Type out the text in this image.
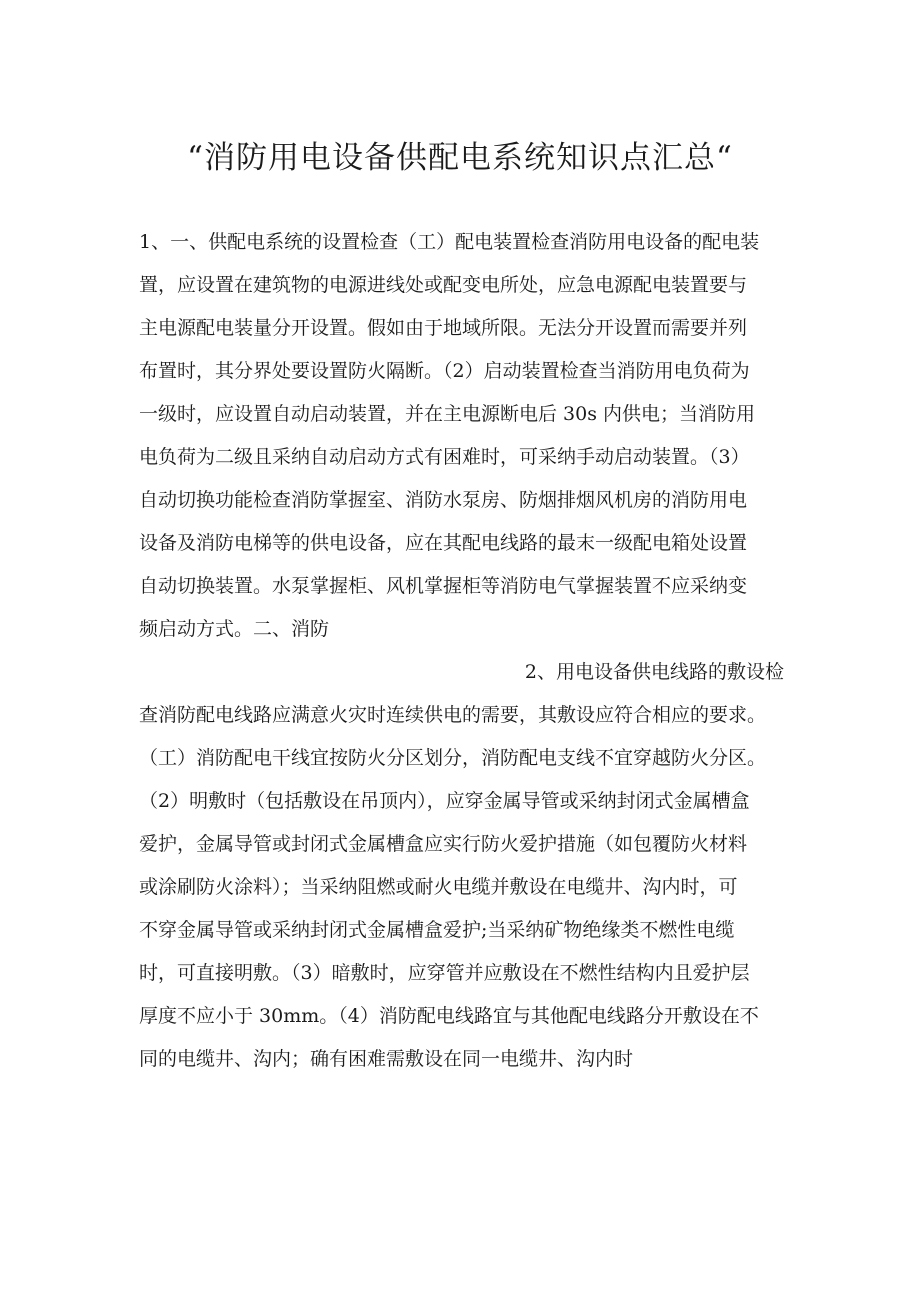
“消防用电设备供配电系统知识点汇总“
1、一、供配电系统的设置检查（工）配电装置检查消防用电设备的配电装
置，应设置在建筑物的电源进线处或配变电所处，应急电源配电装置要与
主电源配电装量分开设置。假如由于地域所限。无法分开设置而需要并列
布置时，其分界处要设置防火隔断。（2）启动装置检查当消防用电负荷为
一级时，应设置自动启动装置，并在主电源断电后 30s 内供电；当消防用
电负荷为二级且采纳自动启动方式有困难时，可采纳手动启动装置。（3）
自动切换功能检查消防掌握室、消防水泵房、防烟排烟风机房的消防用电
设备及消防电梯等的供电设备，应在其配电线路的最末一级配电箱处设置
自动切换装置。水泵掌握柜、风机掌握柜等消防电气掌握装置不应采纳变
频启动方式。二、消防
2、用电设备供电线路的敷设检
查消防配电线路应满意火灾时连续供电的需要，其敷设应符合相应的要求。
（工）消防配电干线宜按防火分区划分，消防配电支线不宜穿越防火分区。
（2）明敷时（包括敷设在吊顶内），应穿金属导管或采纳封闭式金属槽盒
爱护，金属导管或封闭式金属槽盒应实行防火爱护措施（如包覆防火材料
或涂刷防火涂料）；当采纳阻燃或耐火电缆并敷设在电缆井、沟内时，可
不穿金属导管或采纳封闭式金属槽盒爱护;当采纳矿物绝缘类不燃性电缆
时，可直接明敷。（3）暗敷时，应穿管并应敷设在不燃性结构内且爱护层
厚度不应小于 30mm。（4）消防配电线路宜与其他配电线路分开敷设在不
同的电缆井、沟内；确有困难需敷设在同一电缆井、沟内时
